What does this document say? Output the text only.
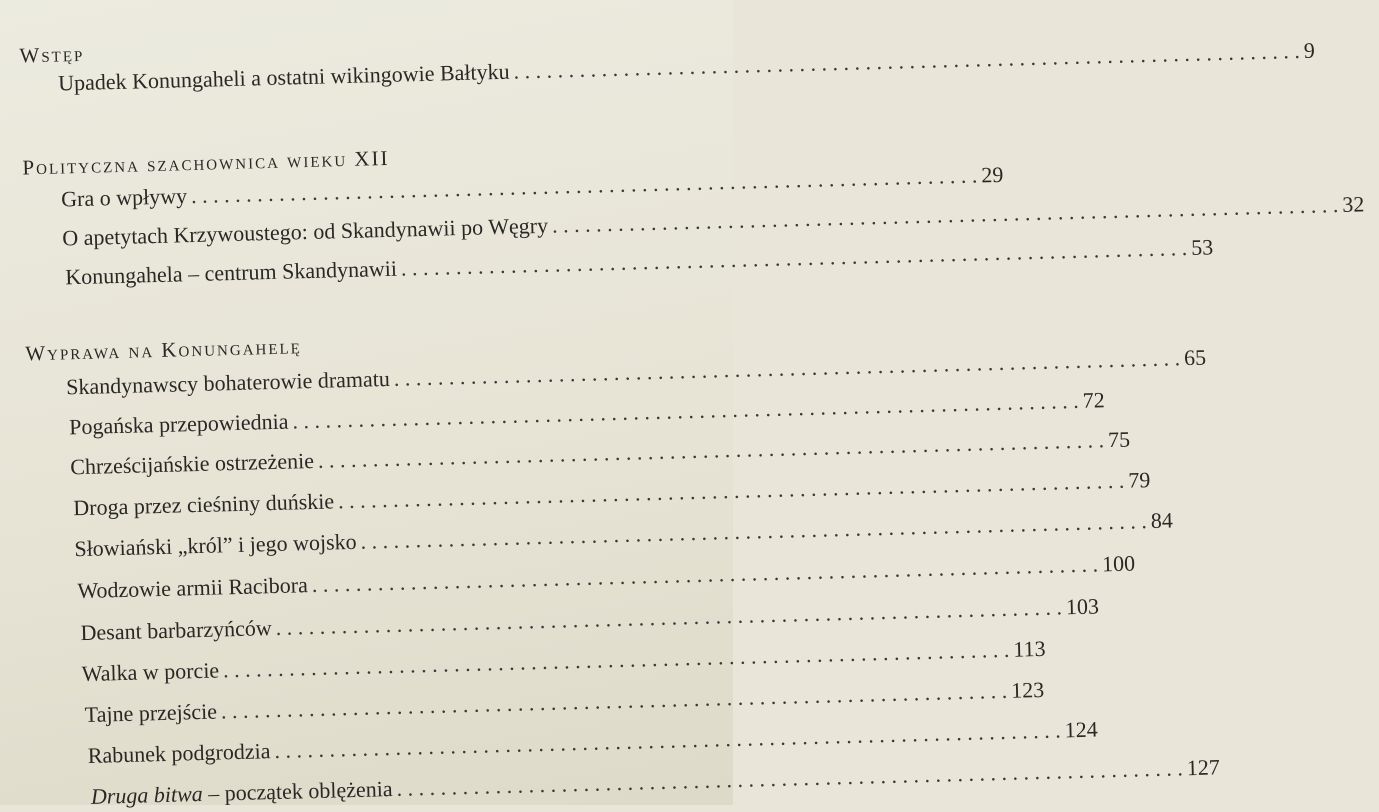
Wstęp
Upadek Konungaheli a ostatni wikingowie Bałtyku
. . .
9
Polityczna szachownica wieku XII
Gra o wpływy
. . .
29
O apetytach Krzywoustego: od Skandynawii po Węgry
. . .
32
Konungahela – centrum Skandynawii
. . .
53
Wyprawa na Konungahelę
Skandynawscy bohaterowie dramatu
. . .
65
Pogańska przepowiednia
. . .
72
Chrześcijańskie ostrzeżenie
. . .
75
Droga przez cieśniny duńskie
. . .
79
Słowiański „król” i jego wojsko
. . .
84
Wodzowie armii Racibora
. . .
100
Desant barbarzyńców
. . .
103
Walka w porcie
. . .
113
Tajne przejście
. . .
123
Rabunek podgrodzia
. . .
124
Druga bitwa – początek oblężenia
. . .
127
